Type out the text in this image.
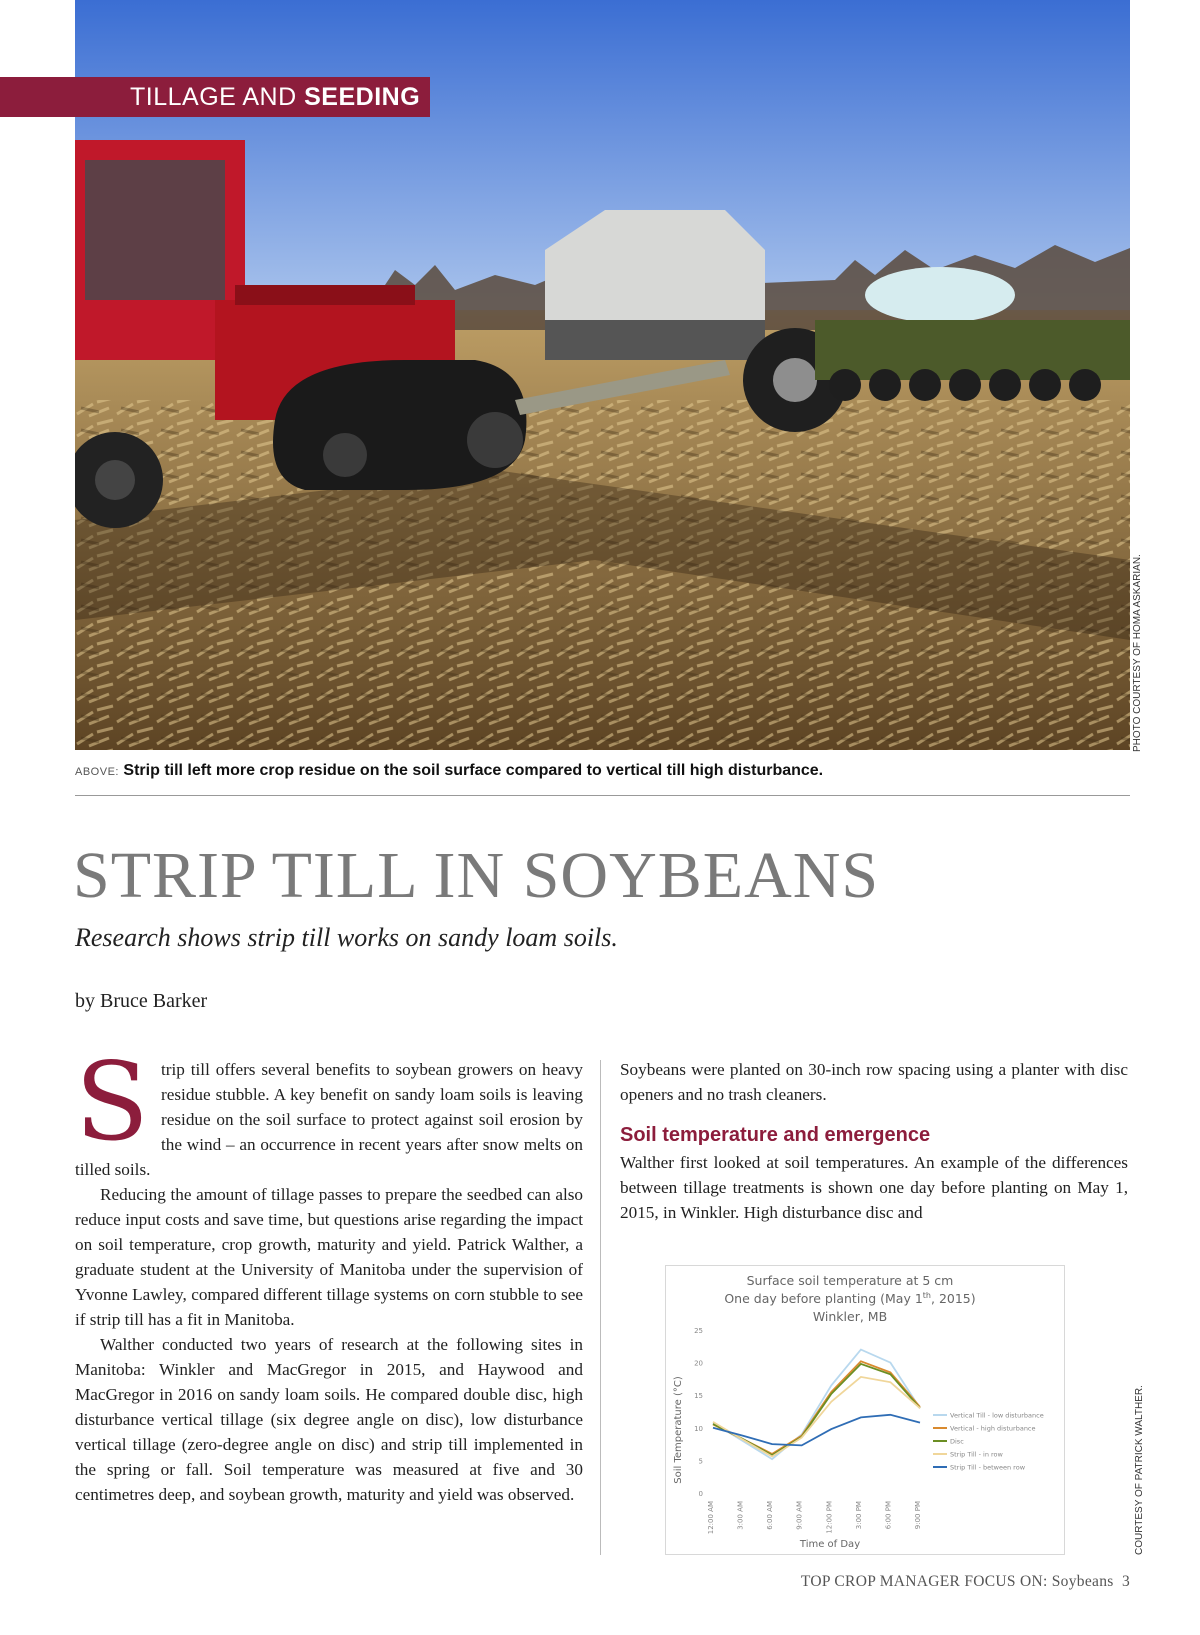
TILLAGE AND SEEDING
PHOTO COURTESY OF HOMA ASKARIAN.
ABOVE: Strip till left more crop residue on the soil surface compared to vertical till high disturbance.
STRIP TILL IN SOYBEANS
Research shows strip till works on sandy loam soils.
by Bruce Barker

Strip till offers several benefits to soybean growers on heavy residue stubble. A key benefit on sandy loam soils is leaving residue on the soil surface to protect against soil erosion by the wind – an occurrence in recent years after snow melts on tilled soils.

Reducing the amount of tillage passes to prepare the seedbed can also reduce input costs and save time, but questions arise regarding the impact on soil temperature, crop growth, maturity and yield. Patrick Walther, a graduate student at the University of Manitoba under the supervision of Yvonne Lawley, compared different tillage systems on corn stubble to see if strip till has a fit in Manitoba.

Walther conducted two years of research at the following sites in Manitoba: Winkler and MacGregor in 2015, and Haywood and MacGregor in 2016 on sandy loam soils. He compared double disc, high disturbance vertical tillage (six degree angle on disc), low disturbance vertical tillage (zero-degree angle on disc) and strip till implemented in the spring or fall. Soil temperature was measured at five and 30 centimetres deep, and soybean growth, maturity and yield was observed.

Soybeans were planted on 30-inch row spacing using a planter with disc openers and no trash cleaners.

Soil temperature and emergence

Walther first looked at soil temperatures. An example of the differences between tillage treatments is shown one day before planting on May 1, 2015, in Winkler. High disturbance disc and

Surface soil temperature at 5 cm
One day before planting (May 1th, 2015)
Winkler, MB
Soil Temperature (°C)
Time of Day
0
5
10
15
20
25
12:00 AM	3:00 AM	6:00 AM	9:00 AM	12:00 PM	3:00 PM	6:00 PM	9:00 PM
Vertical Till - low disturbance
Vertical - high disturbance
Disc
Strip Till - in row
Strip Till - between row	COURTESY OF PATRICK WALTHER.
TOP CROP MANAGER FOCUS ON: Soybeans 3
